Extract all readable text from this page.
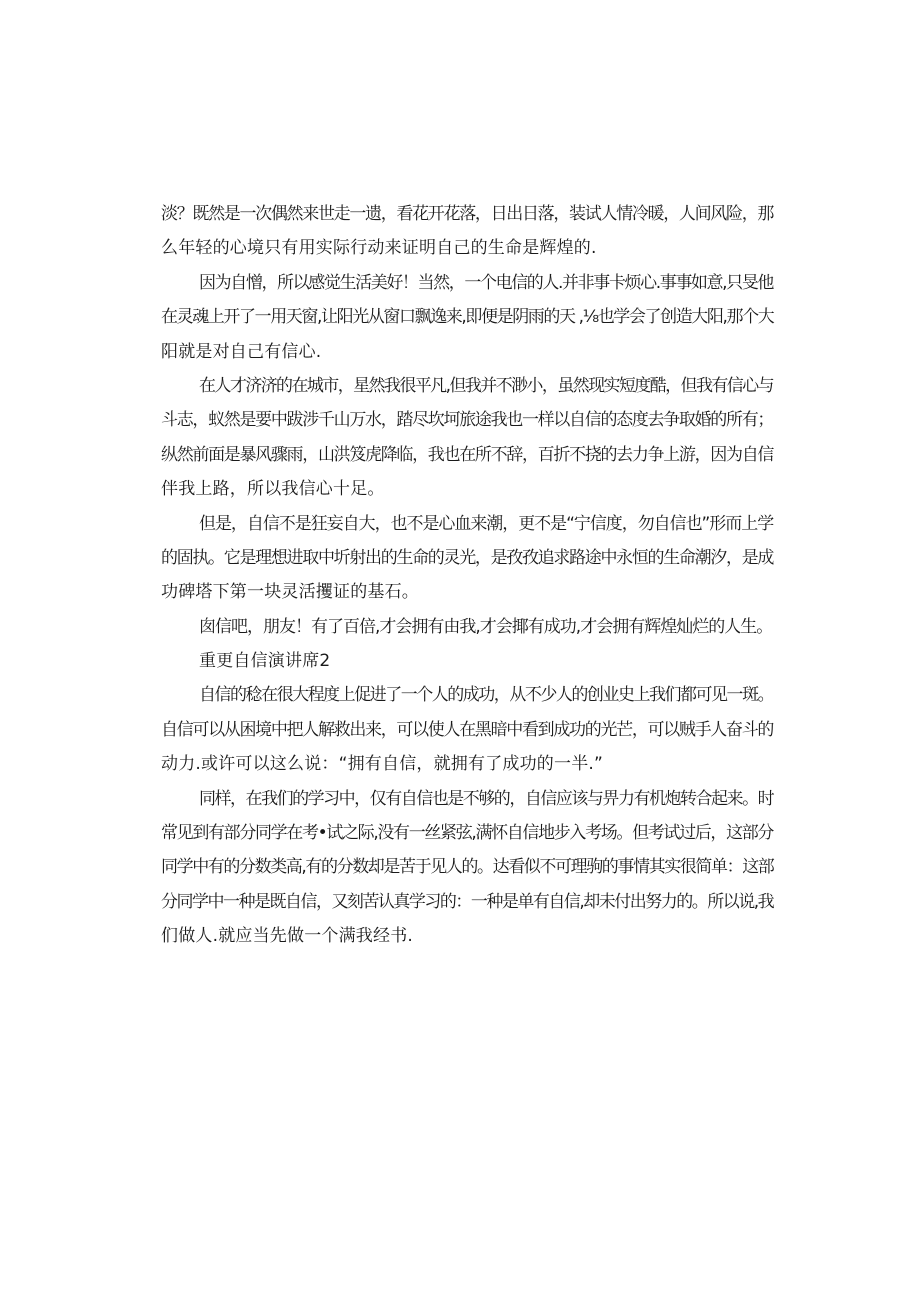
淡？既然是一次偶然来世走一遗，看花开花落，日出日落，装试人情冷暖，人间风险，那
么年轻的心境只有用实际行动来证明自己的生命是辉煌的.
因为自憎，所以感觉生活美好！当然，一个电信的人.并非事卡烦心.事事如意,只旻他
在灵魂上开了一用天窗,让阳光从窗口飘逸来,即便是阴雨的天 ,⅛也学会了创造大阳,那个大
阳就是对自己有信心.
在人才济济的在城市，星然我很平凡,但我并不渺小，虽然现实短度酷，但我有信心与
斗志，蚁然是要中跋涉千山万水，踏尽坎坷旅途我也一样以自信的态度去争取婚的所有；
纵然前面是暴风骤雨，山洪笈虎降临，我也在所不辞，百折不挠的去力争上游，因为自信
伴我上路，所以我信心十足。
但是，自信不是狂妄自大，也不是心血来潮，更不是“宁信度，勿自信也”形而上学
的固执。它是理想进取中圻射出的生命的灵光，是孜孜追求路途中永恒的生命潮汐，是成
功碑塔下第一块灵活攫证的基石。
囱信吧，朋友！有了百倍,才会拥有由我,才会揶有成功,才会拥有辉煌灿烂的人生。
重更自信演讲席2
自信的稔在很大程度上促进了一个人的成功，从不少人的创业史上我们都可见一斑。
自信可以从困境中把人解救出来，可以使人在黑暗中看到成功的光芒，可以贼手人奋斗的
动力.或许可以这么说：“拥有自信，就拥有了成功的一半.”
同样，在我们的学习中，仅有自信也是不够的，自信应该与畀力有机炮转合起来。时
常见到有部分同学在考•试之际,没有一丝紧弦,满怀自信地步入考场。但考试过后，这部分
同学中有的分数类高,有的分数却是苦于见人的。达看似不可理驹的事情其实很简单：这部
分同学中一种是既自信，又刻苦认真学习的：一种是单有自信,却未付出努力的。所以说,我
们做人.就应当先做一个满我经书.
